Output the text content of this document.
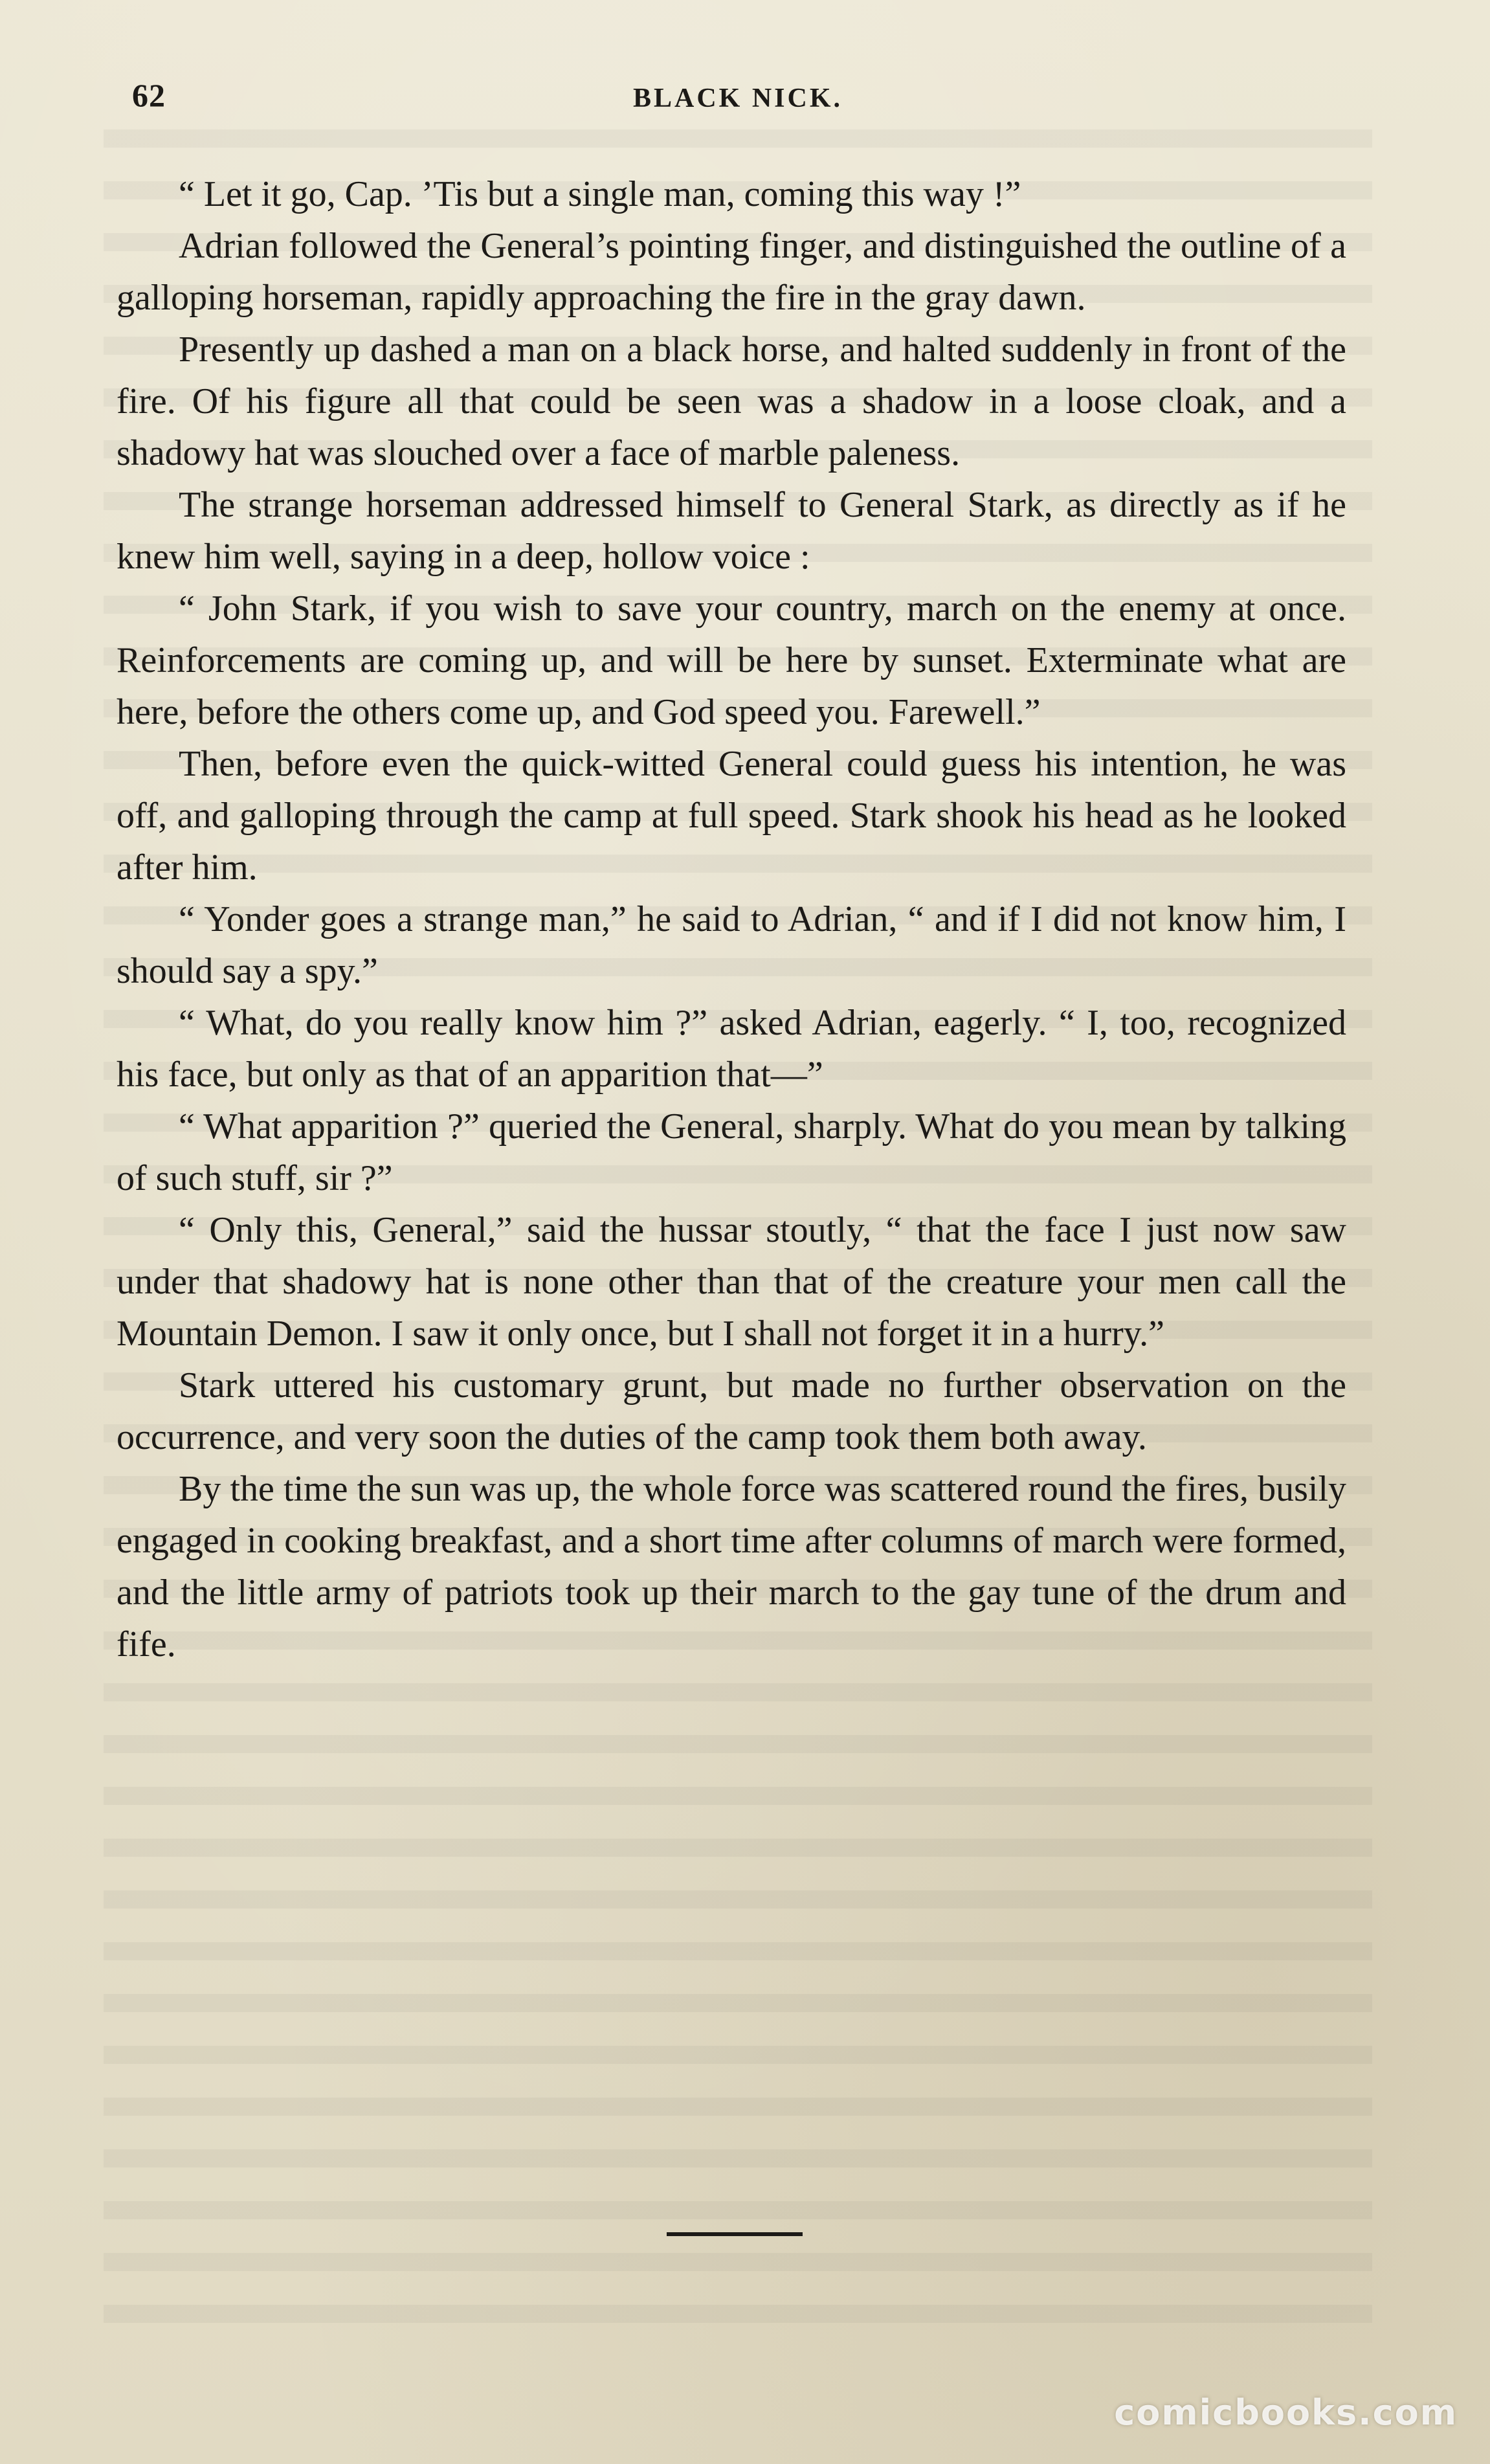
62	BLACK NICK.

“ Let it go, Cap. ’Tis but a single man, coming this way !”

Adrian followed the General’s pointing finger, and distinguished the outline of a galloping horseman, rapidly approaching the fire in the gray dawn.

Presently up dashed a man on a black horse, and halted suddenly in front of the fire. Of his figure all that could be seen was a shadow in a loose cloak, and a shadowy hat was slouched over a face of marble paleness.

The strange horseman addressed himself to General Stark, as directly as if he knew him well, saying in a deep, hollow voice :

“ John Stark, if you wish to save your country, march on the enemy at once. Reinforcements are coming up, and will be here by sunset. Exterminate what are here, before the others come up, and God speed you. Farewell.”

Then, before even the quick-witted General could guess his intention, he was off, and galloping through the camp at full speed. Stark shook his head as he looked after him.

“ Yonder goes a strange man,” he said to Adrian, “ and if I did not know him, I should say a spy.”

“ What, do you really know him ?” asked Adrian, eagerly. “ I, too, recognized his face, but only as that of an apparition that—”

“ What apparition ?” queried the General, sharply. What do you mean by talking of such stuff, sir ?”

“ Only this, General,” said the hussar stoutly, “ that the face I just now saw under that shadowy hat is none other than that of the creature your men call the Mountain Demon. I saw it only once, but I shall not forget it in a hurry.”

Stark uttered his customary grunt, but made no further observation on the occurrence, and very soon the duties of the camp took them both away.

By the time the sun was up, the whole force was scattered round the fires, busily engaged in cooking breakfast, and a short time after columns of march were formed, and the little army of patriots took up their march to the gay tune of the drum and fife.

comicbooks.com
